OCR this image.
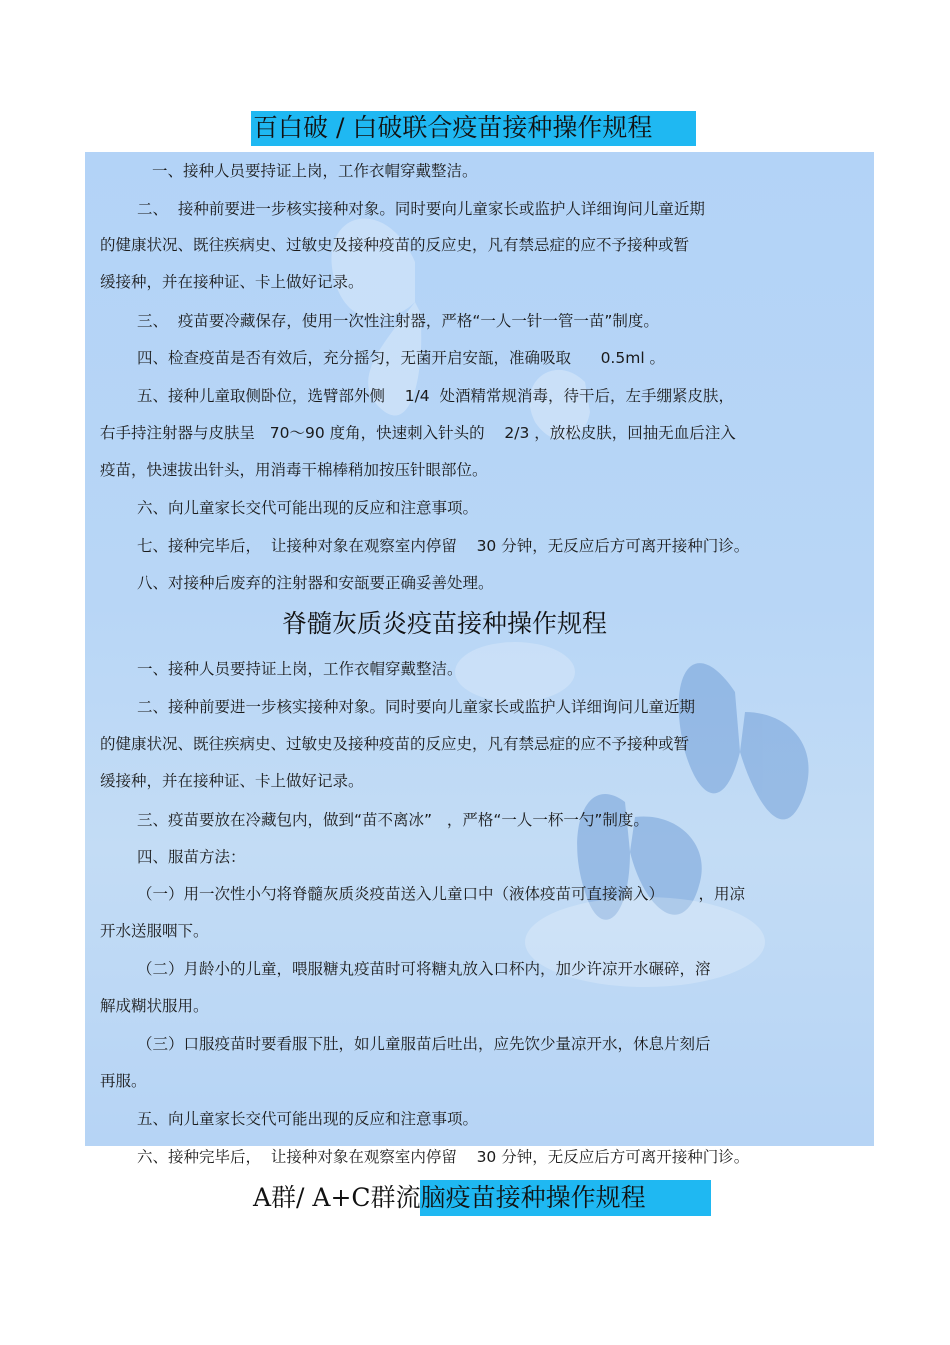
百白破 / 白破联合疫苗接种操作规程
一、接种人员要持证上岗，工作衣帽穿戴整洁。
二、  接种前要进一步核实接种对象。同时要向儿童家长或监护人详细询问儿童近期
的健康状况、既往疾病史、过敏史及接种疫苗的反应史，凡有禁忌症的应不予接种或暂
缓接种，并在接种证、卡上做好记录。
三、  疫苗要冷藏保存，使用一次性注射器，严格“一人一针一管一苗”制度。
四、检查疫苗是否有效后，充分摇匀，无菌开启安瓿，准确吸取      0.5ml 。
五、接种儿童取侧卧位，选臂部外侧    1/4  处酒精常规消毒，待干后，左手绷紧皮肤，
右手持注射器与皮肤呈   70～90 度角，快速刺入针头的    2/3 ，放松皮肤，回抽无血后注入
疫苗，快速拔出针头，用消毒干棉棒稍加按压针眼部位。
六、向儿童家长交代可能出现的反应和注意事项。
七、接种完毕后，  让接种对象在观察室内停留    30 分钟，无反应后方可离开接种门诊。
八、对接种后废弃的注射器和安瓿要正确妥善处理。
脊髓灰质炎疫苗接种操作规程
一、接种人员要持证上岗，工作衣帽穿戴整洁。
二、接种前要进一步核实接种对象。同时要向儿童家长或监护人详细询问儿童近期
的健康状况、既往疾病史、过敏史及接种疫苗的反应史，凡有禁忌症的应不予接种或暂
缓接种，并在接种证、卡上做好记录。
三、疫苗要放在冷藏包内，做到“苗不离冰”   ，严格“一人一杯一勺”制度。
四、服苗方法：
（一）用一次性小勺将脊髓灰质炎疫苗送入儿童口中（液体疫苗可直接滴入）       ，用凉
开水送服咽下。
（二）月龄小的儿童，喂服糖丸疫苗时可将糖丸放入口杯内，加少许凉开水碾碎，溶
解成糊状服用。
（三）口服疫苗时要看服下肚，如儿童服苗后吐出，应先饮少量凉开水，休息片刻后
再服。
五、向儿童家长交代可能出现的反应和注意事项。
六、接种完毕后，  让接种对象在观察室内停留    30 分钟，无反应后方可离开接种门诊。
A群/ A+C群流脑疫苗接种操作规程
